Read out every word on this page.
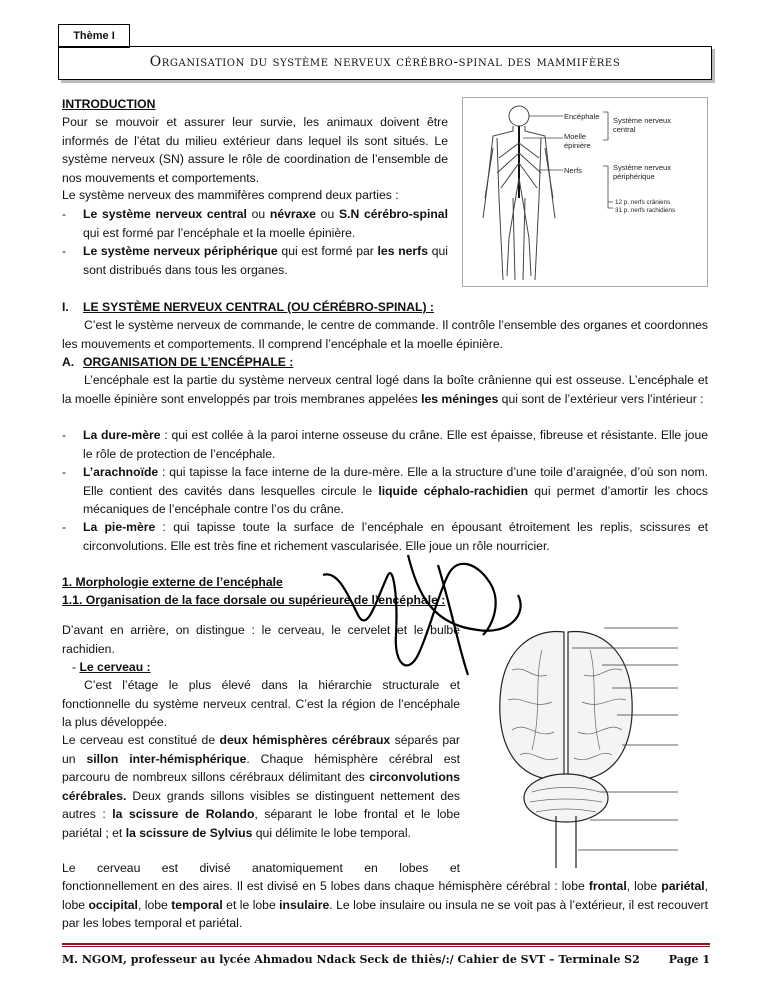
Thème I
Organisation du système nerveux cérébro-spinal des mammifères
INTRODUCTION
Pour se mouvoir et assurer leur survie, les animaux doivent être informés de l’état du milieu extérieur dans lequel ils sont situés. Le système nerveux (SN) assure le rôle de coordination de l’ensemble de nos mouvements et comportements.
Le système nerveux des mammifères comprend deux parties :
- Le système nerveux central ou névraxe ou S.N cérébro-spinal qui est formé par l’encéphale et la moelle épinière.
- Le système nerveux périphérique qui est formé par les nerfs qui sont distribués dans tous les organes.
Encéphale
Moelle
épinière
Nerfs
Système nerveux
central
Système nerveux
périphérique
12 p. nerfs crâniens
31 p. nerfs rachidiens
I. LE SYSTÈME NERVEUX CENTRAL (OU CÉRÉBRO-SPINAL) :
C’est le système nerveux de commande, le centre de commande. Il contrôle l’ensemble des organes et coordonnes les mouvements et comportements. Il comprend l’encéphale et la moelle épinière.
A. ORGANISATION DE L’ENCÉPHALE :
L’encéphale est la partie du système nerveux central logé dans la boîte crânienne qui est osseuse. L’encéphale et la moelle épinière sont enveloppés par trois membranes appelées les méninges qui sont de l’extérieur vers l’intérieur :
- La dure-mère : qui est collée à la paroi interne osseuse du crâne. Elle est épaisse, fibreuse et résistante. Elle joue le rôle de protection de l’encéphale.
- L’arachnoïde : qui tapisse la face interne de la dure-mère. Elle a la structure d’une toile d’araignée, d’où son nom. Elle contient des cavités dans lesquelles circule le liquide céphalo-rachidien qui permet d’amortir les chocs mécaniques de l’encéphale contre l’os du crâne.
- La pie-mère : qui tapisse toute la surface de l’encéphale en épousant étroitement les replis, scissures et circonvolutions. Elle est très fine et richement vascularisée. Elle joue un rôle nourricier.
1. Morphologie externe de l’encéphale
1.1. Organisation de la face dorsale ou supérieure de l’encéphale :
D’avant en arrière, on distingue : le cerveau, le cervelet et le bulbe rachidien.
- Le cerveau :
C’est l’étage le plus élevé dans la hiérarchie structurale et fonctionnelle du système nerveux central. C’est la région de l’encéphale la plus développée.
Le cerveau est constitué de deux hémisphères cérébraux séparés par un sillon inter-hémisphérique. Chaque hémisphère cérébral est parcouru de nombreux sillons cérébraux délimitant des circonvolutions cérébrales. Deux grands sillons visibles se distinguent nettement des autres : la scissure de Rolando, séparant le lobe frontal et le lobe pariétal ; et la scissure de Sylvius qui délimite le lobe temporal.
Le cerveau est divisé anatomiquement en lobes et
fonctionnellement en des aires. Il est divisé en 5 lobes dans chaque hémisphère cérébral : lobe frontal, lobe pariétal, lobe occipital, lobe temporal et le lobe insulaire. Le lobe insulaire ou insula ne se voit pas à l’extérieur, il est recouvert par les lobes temporal et pariétal.
M. NGOM, professeur au lycée Ahmadou Ndack Seck de thiès/:/ Cahier de SVT – Terminale S2	Page 1
